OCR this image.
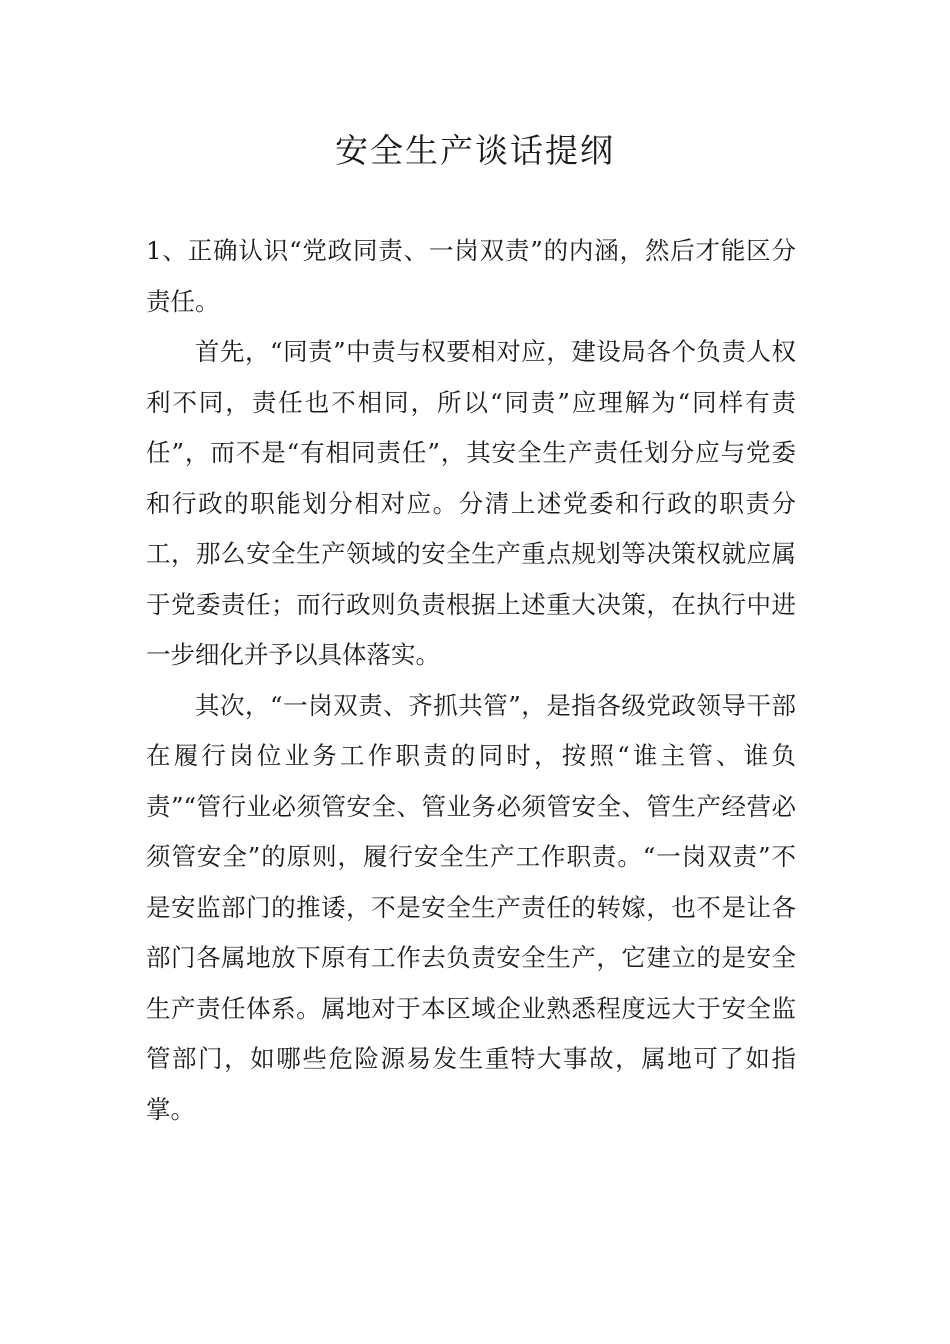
安全生产谈话提纲

1、正确认识“党政同责、一岗双责”的内涵，然后才能区分责任。

首先，“同责”中责与权要相对应，建设局各个负责人权利不同，责任也不相同，所以“同责”应理解为“同样有责任”，而不是“有相同责任”，其安全生产责任划分应与党委和行政的职能划分相对应。分清上述党委和行政的职责分工，那么安全生产领域的安全生产重点规划等决策权就应属于党委责任；而行政则负责根据上述重大决策，在执行中进一步细化并予以具体落实。

其次，“一岗双责、齐抓共管”，是指各级党政领导干部在履行岗位业务工作职责的同时，按照“谁主管、谁负责”“管行业必须管安全、管业务必须管安全、管生产经营必须管安全”的原则，履行安全生产工作职责。“一岗双责”不是安监部门的推诿，不是安全生产责任的转嫁，也不是让各部门各属地放下原有工作去负责安全生产，它建立的是安全生产责任体系。属地对于本区域企业熟悉程度远大于安全监管部门，如哪些危险源易发生重特大事故，属地可了如指掌。
